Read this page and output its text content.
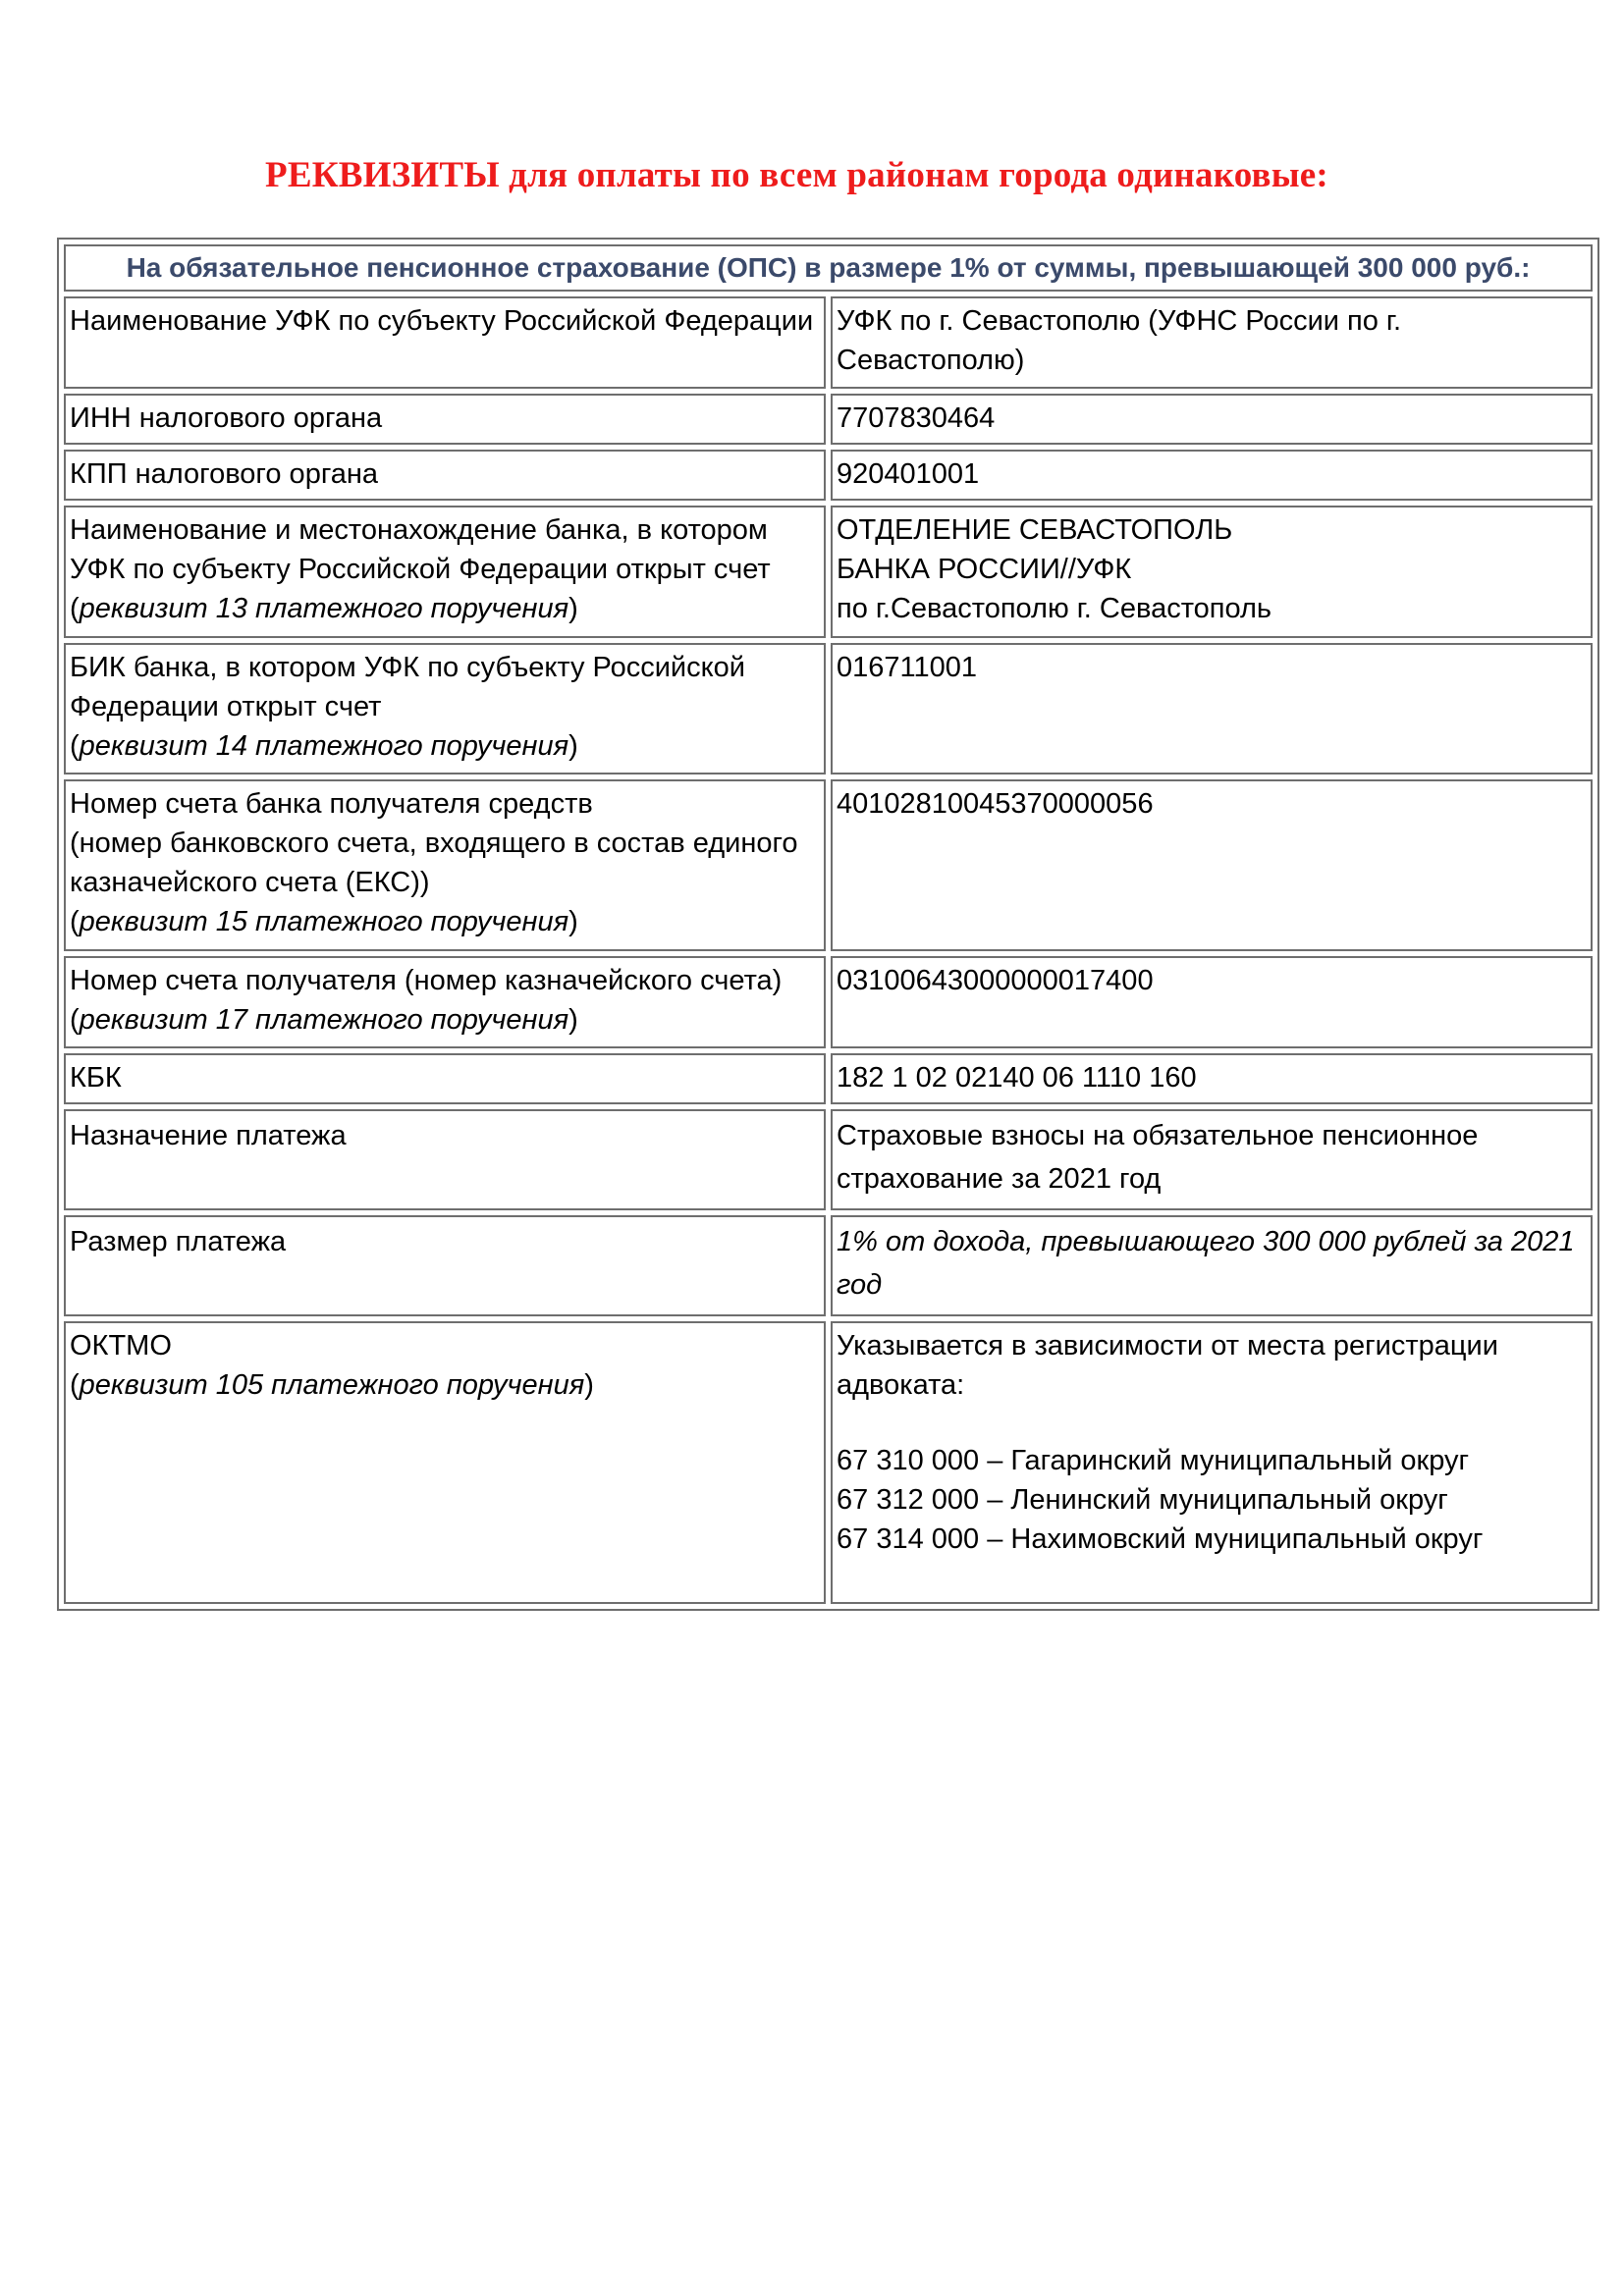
РЕКВИЗИТЫ для оплаты по всем районам города одинаковые:
На обязательное пенсионное страхование (ОПС) в размере 1% от суммы, превышающей 300 000 руб.:	
Наименование УФК по субъекту Российской Федерации	УФК по г. Севастополю (УФНС России по г. Севастополю)
ИНН налогового органа	7707830464
КПП налогового органа	920401001
Наименование и местонахождение банка, в котором УФК по субъекту Российской Федерации открыт счет
(реквизит 13 платежного поручения)	ОТДЕЛЕНИЕ СЕВАСТОПОЛЬ
БАНКА РОССИИ//УФК
по г.Севастополю г. Севастополь

БИК банка, в котором УФК по субъекту Российской Федерации открыт счет
(реквизит 14 платежного поручения)	016711001

Номер счета банка получателя средств
(номер банковского счета, входящего в состав единого казначейского счета (ЕКС))
(реквизит 15 платежного поручения)	40102810045370000056

Номер счета получателя (номер казначейского счета)
(реквизит 17 платежного поручения)	03100643000000017400
КБК	182 1 02 02140 06 1110 160
Назначение платежа	Страховые взносы на обязательное пенсионное страхование за 2021 год
Размер платежа	1% от дохода, превышающего 300 000 рублей за 2021 год

ОКТМО
(реквизит 105 платежного поручения)	Указывается в зависимости от места регистрации адвоката:
67 310 000 – Гагаринский муниципальный округ
67 312 000 – Ленинский муниципальный округ
67 314 000 – Нахимовский муниципальный округ
